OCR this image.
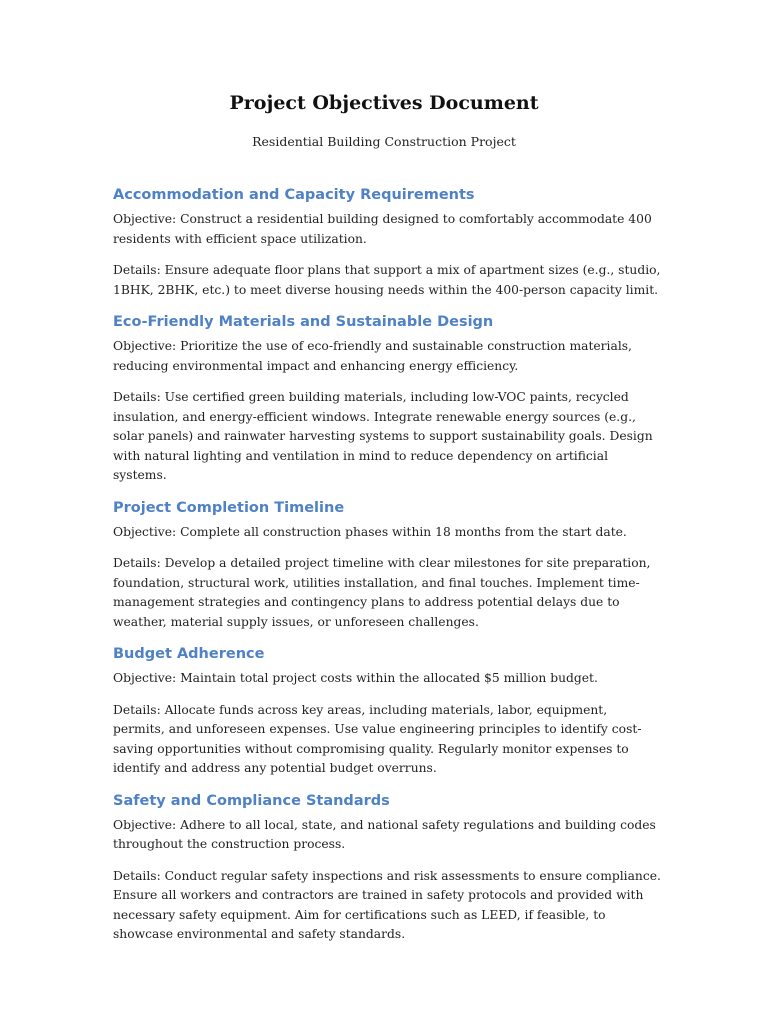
Project Objectives Document

Residential Building Construction Project

Accommodation and Capacity Requirements

Objective: Construct a residential building designed to comfortably accommodate 400 residents with efficient space utilization.

Details: Ensure adequate floor plans that support a mix of apartment sizes (e.g., studio, 1BHK, 2BHK, etc.) to meet diverse housing needs within the 400-person capacity limit.

Eco-Friendly Materials and Sustainable Design

Objective: Prioritize the use of eco-friendly and sustainable construction materials, reducing environmental impact and enhancing energy efficiency.

Details: Use certified green building materials, including low-VOC paints, recycled insulation, and energy-efficient windows. Integrate renewable energy sources (e.g., solar panels) and rainwater harvesting systems to support sustainability goals. Design with natural lighting and ventilation in mind to reduce dependency on artificial systems.

Project Completion Timeline

Objective: Complete all construction phases within 18 months from the start date.

Details: Develop a detailed project timeline with clear milestones for site preparation, foundation, structural work, utilities installation, and final touches. Implement time-management strategies and contingency plans to address potential delays due to weather, material supply issues, or unforeseen challenges.

Budget Adherence

Objective: Maintain total project costs within the allocated $5 million budget.

Details: Allocate funds across key areas, including materials, labor, equipment, permits, and unforeseen expenses. Use value engineering principles to identify cost-saving opportunities without compromising quality. Regularly monitor expenses to identify and address any potential budget overruns.

Safety and Compliance Standards

Objective: Adhere to all local, state, and national safety regulations and building codes throughout the construction process.

Details: Conduct regular safety inspections and risk assessments to ensure compliance. Ensure all workers and contractors are trained in safety protocols and provided with necessary safety equipment. Aim for certifications such as LEED, if feasible, to showcase environmental and safety standards.
